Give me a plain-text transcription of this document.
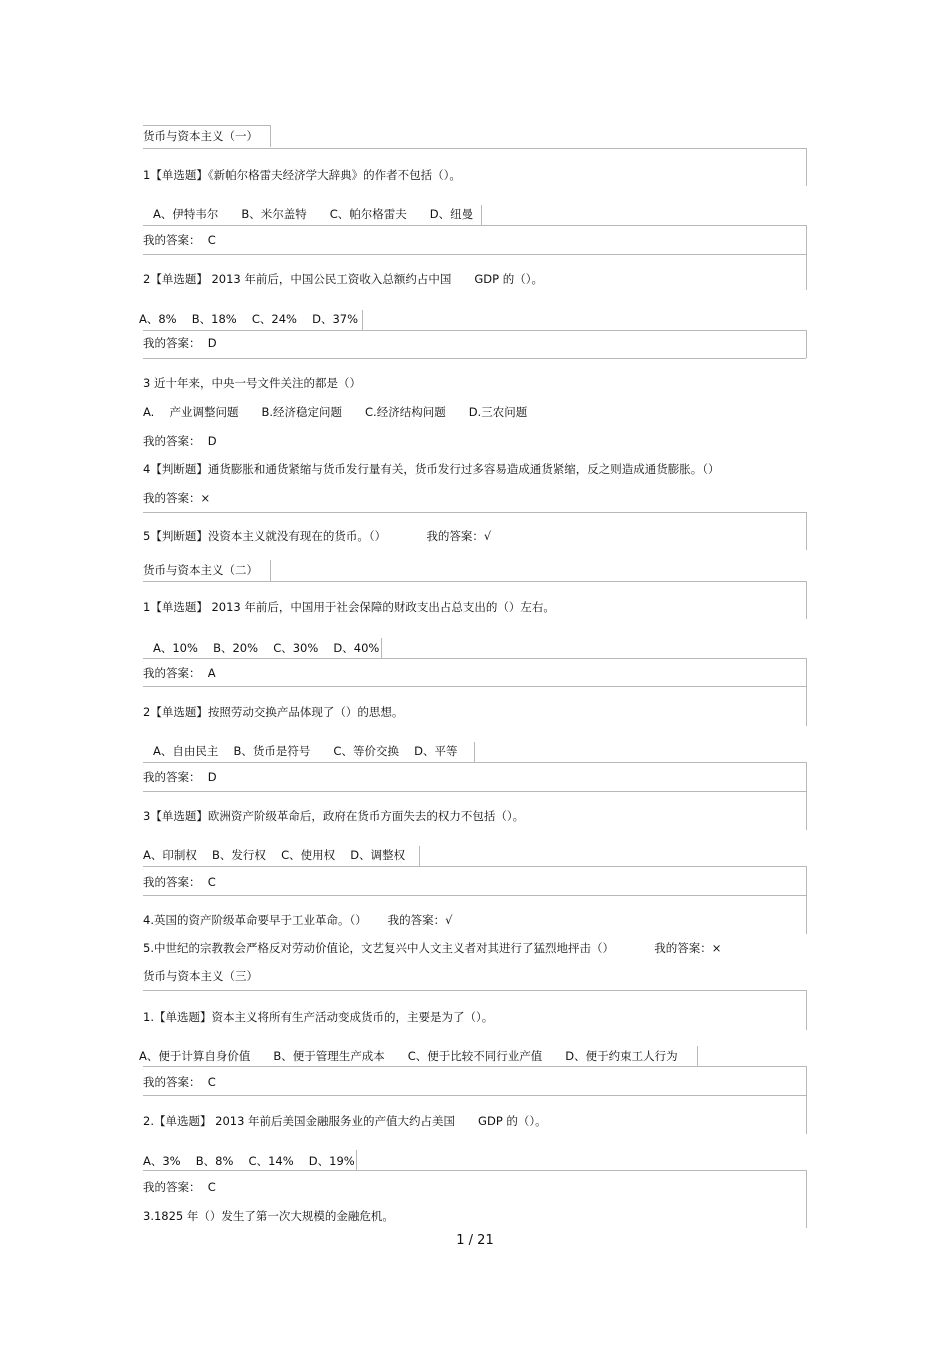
货币与资本主义（一）
1【单选题】《新帕尔格雷夫经济学大辞典》的作者不包括（）。
A、伊特韦尔　　B、米尔盖特　　C、帕尔格雷夫　　D、纽曼
我的答案：  C
2【单选题】 2013 年前后，中国公民工资收入总额约占中国　　GDP 的（）。
A、8%　 B、18%　 C、24%　 D、37%
我的答案：  D
3 近十年来，中央一号文件关注的都是（）
A.　 产业调整问题　　B.经济稳定问题　　C.经济结构问题　　D.三农问题
我的答案：  D
4【判断题】通货膨胀和通货紧缩与货币发行量有关，货币发行过多容易造成通货紧缩，反之则造成通货膨胀。（）
我的答案：×
5【判断题】没资本主义就没有现在的货币。（）　　　　我的答案：√
货币与资本主义（二）
1【单选题】 2013 年前后，中国用于社会保障的财政支出占总支出的（）左右。
A、10%　 B、20%　 C、30%　 D、40%
我的答案：  A
2【单选题】按照劳动交换产品体现了（）的思想。
A、自由民主　 B、货币是符号　　C、等价交换　 D、平等
我的答案：  D
3【单选题】欧洲资产阶级革命后，政府在货币方面失去的权力不包括（）。
A、印制权　 B、发行权　 C、使用权　 D、调整权
我的答案：  C
4.英国的资产阶级革命要早于工业革命。（）　　 我的答案：√
5.中世纪的宗教教会严格反对劳动价值论，文艺复兴中人文主义者对其进行了猛烈地抨击（）　　　　我的答案：×
货币与资本主义（三）
1.【单选题】资本主义将所有生产活动变成货币的，主要是为了（）。
A、便于计算自身价值　　B、便于管理生产成本　　C、便于比较不同行业产值　　D、便于约束工人行为
我的答案：  C
2.【单选题】 2013 年前后美国金融服务业的产值大约占美国　　GDP 的（）。
A、3%　 B、8%　 C、14%　 D、19%
我的答案：  C
3.1825 年（）发生了第一次大规模的金融危机。
1 / 21
